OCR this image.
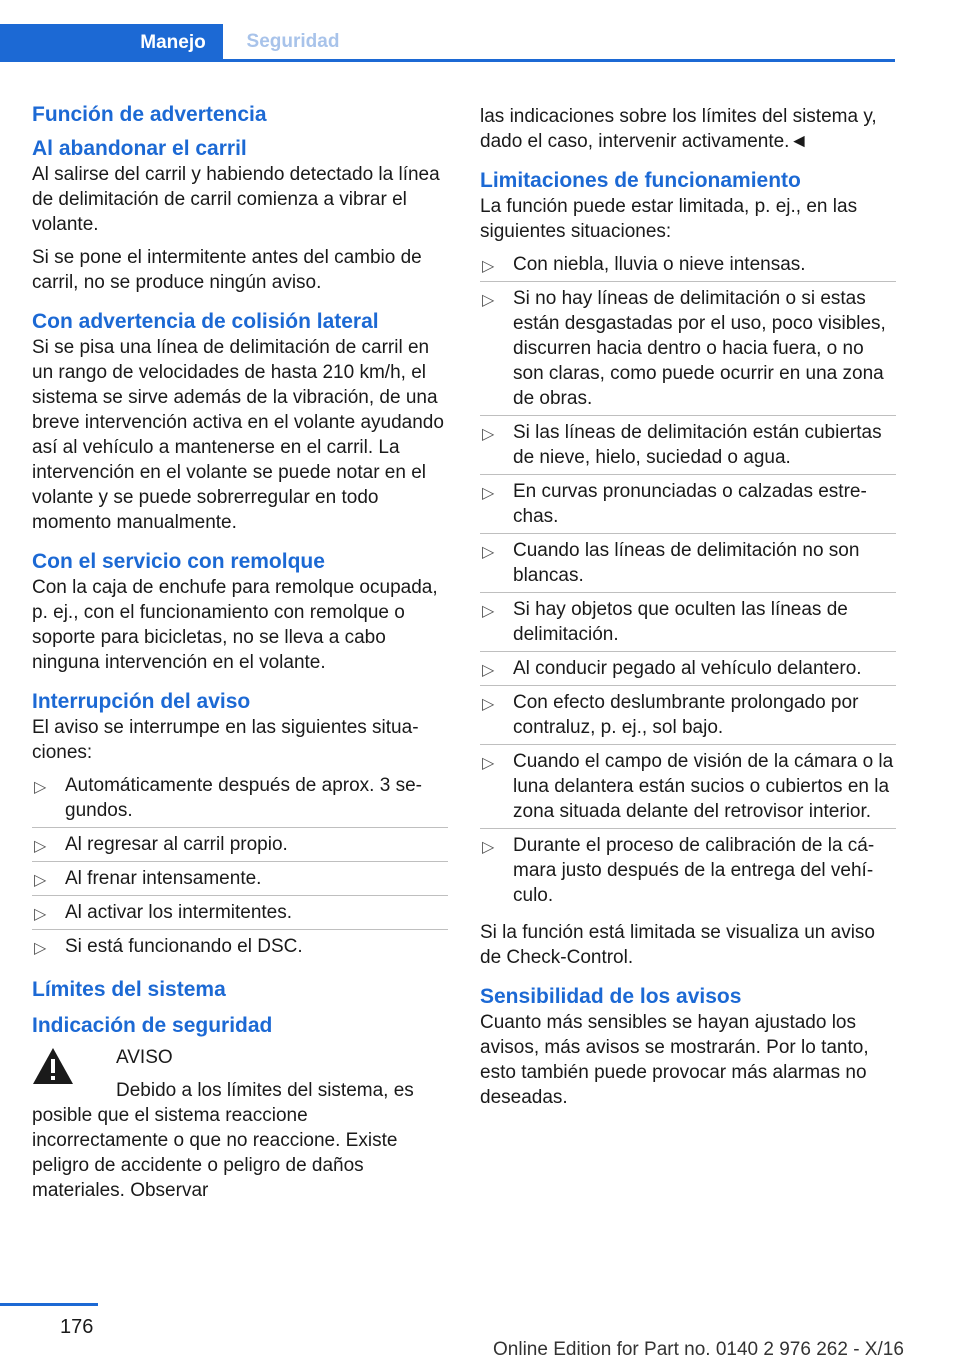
Manejo	Seguridad
Función de advertencia
Al abandonar el carril

Al salirse del carril y habiendo detectado la línea de delimitación de carril comienza a vibrar el volante.

Si se pone el intermitente antes del cambio de carril, no se produce ningún aviso.

Con advertencia de colisión lateral

Si se pisa una línea de delimitación de carril en un rango de velocidades de hasta 210 km/h, el sistema se sirve además de la vibración, de una breve intervención activa en el volante ayudando así al vehículo a mantenerse en el carril. La intervención en el volante se puede notar en el volante y se puede sobrerregular en todo momento manualmente.

Con el servicio con remolque

Con la caja de enchufe para remolque ocupada, p. ej., con el funcionamiento con remolque o soporte para bicicletas, no se lleva a cabo ninguna intervención en el volante.

Interrupción del aviso

El aviso se interrumpe en las siguientes situaciones:

▷ Automáticamente después de aprox. 3 segundos.
▷ Al regresar al carril propio.
▷ Al frenar intensamente.
▷ Al activar los intermitentes.
▷ Si está funcionando el DSC.
Límites del sistema
Indicación de seguridad
AVISO
Debido a los límites del sistema, es posible que el sistema reaccione incorrectamente o que no reaccione. Existe peligro de accidente o peligro de daños materiales. Observar

las indicaciones sobre los límites del sistema y, dado el caso, intervenir activamente.◄

Limitaciones de funcionamiento

La función puede estar limitada, p. ej., en las siguientes situaciones:

▷ Con niebla, lluvia o nieve intensas.
▷ Si no hay líneas de delimitación o si estas están desgastadas por el uso, poco visibles, discurren hacia dentro o hacia fuera, o no son claras, como puede ocurrir en una zona de obras.
▷ Si las líneas de delimitación están cubiertas de nieve, hielo, suciedad o agua.
▷ En curvas pronunciadas o calzadas estrechas.
▷ Cuando las líneas de delimitación no son blancas.
▷ Si hay objetos que oculten las líneas de delimitación.
▷ Al conducir pegado al vehículo delantero.
▷ Con efecto deslumbrante prolongado por contraluz, p. ej., sol bajo.
▷ Cuando el campo de visión de la cámara o la luna delantera están sucios o cubiertos en la zona situada delante del retrovisor interior.
▷ Durante el proceso de calibración de la cámara justo después de la entrega del vehículo.

Si la función está limitada se visualiza un aviso de Check-Control.

Sensibilidad de los avisos

Cuanto más sensibles se hayan ajustado los avisos, más avisos se mostrarán. Por lo tanto, esto también puede provocar más alarmas no deseadas.

176
Online Edition for Part no. 0140 2 976 262 - X/16
